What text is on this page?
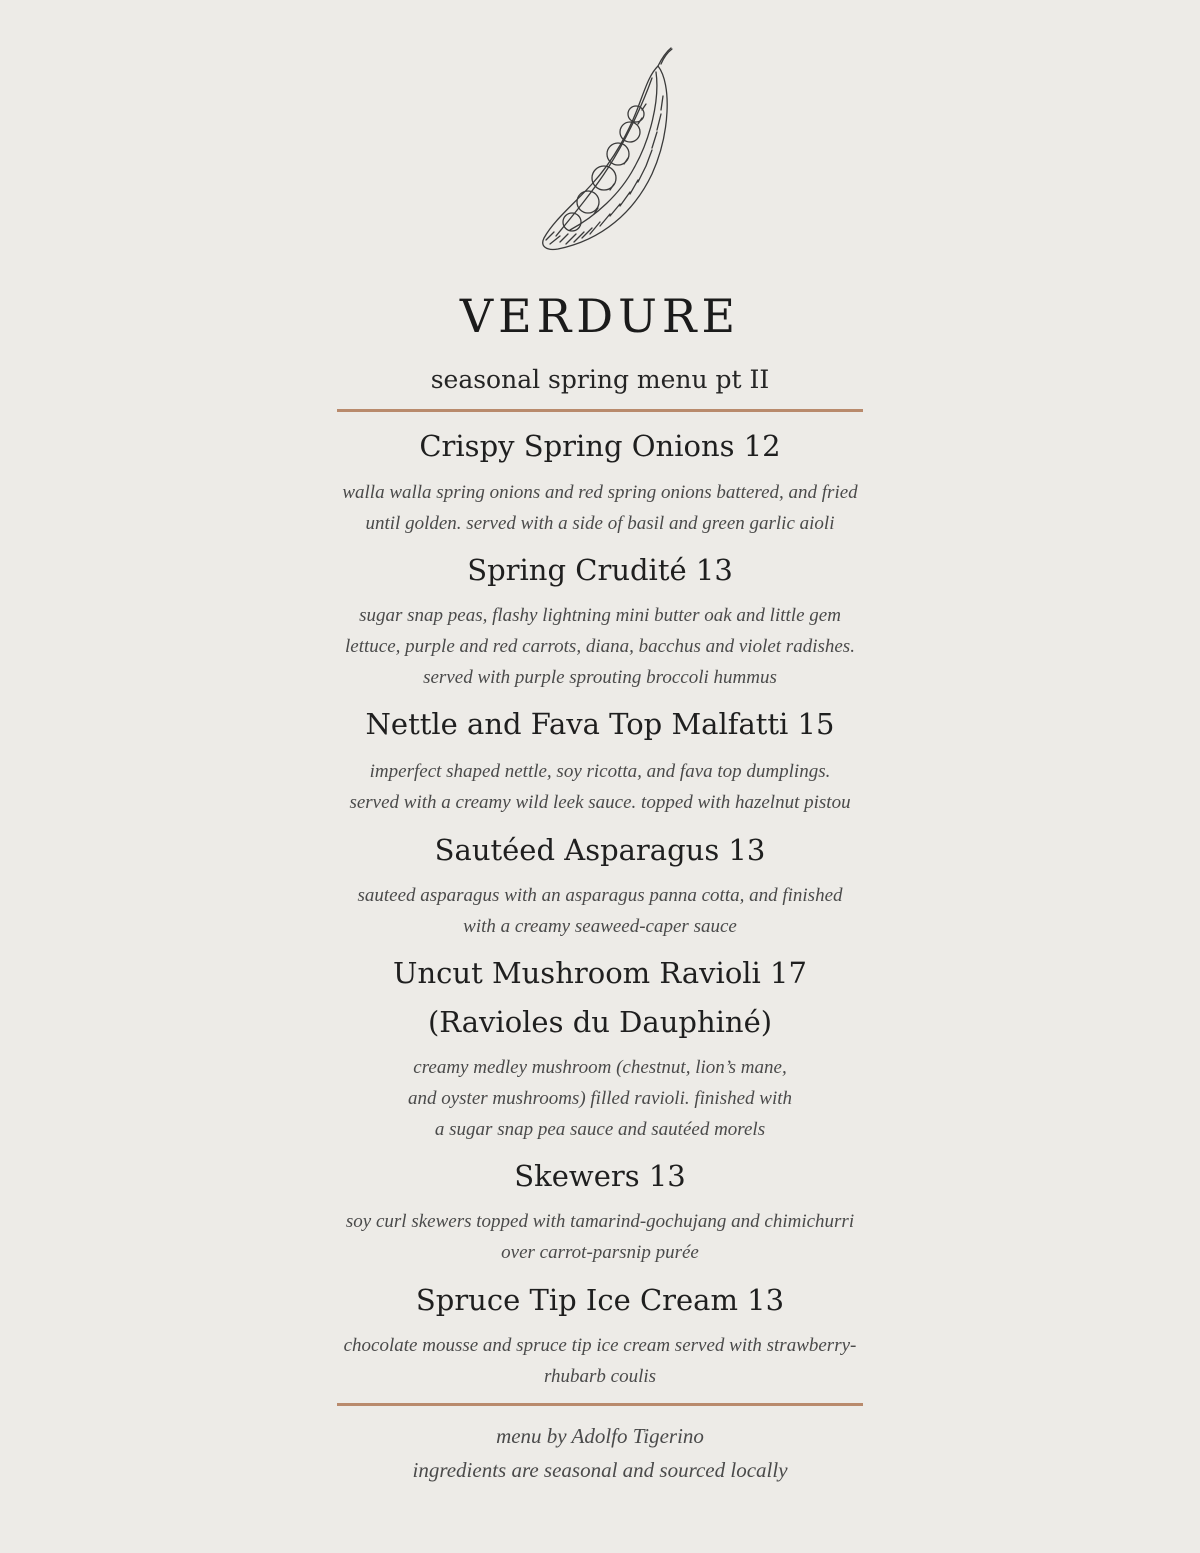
VERDURE
seasonal spring menu pt II
Crispy Spring Onions 12
walla walla spring onions and red spring onions battered, and fried
until golden. served with a side of basil and green garlic aioli
Spring Crudité 13
sugar snap peas, flashy lightning mini butter oak and little gem
lettuce, purple and red carrots, diana, bacchus and violet radishes.
served with purple sprouting broccoli hummus
Nettle and Fava Top Malfatti 15
imperfect shaped nettle, soy ricotta, and fava top dumplings.
served with a creamy wild leek sauce. topped with hazelnut pistou
Sautéed Asparagus 13
sauteed asparagus with an asparagus panna cotta, and finished
with a creamy seaweed-caper sauce
Uncut Mushroom Ravioli 17
(Ravioles du Dauphiné)
creamy medley mushroom (chestnut, lion’s mane,
and oyster mushrooms) filled ravioli. finished with
a sugar snap pea sauce and sautéed morels
Skewers 13
soy curl skewers topped with tamarind-gochujang and chimichurri
over carrot-parsnip purée
Spruce Tip Ice Cream 13
chocolate mousse and spruce tip ice cream served with strawberry-
rhubarb coulis
menu by Adolfo Tigerino
ingredients are seasonal and sourced locally
